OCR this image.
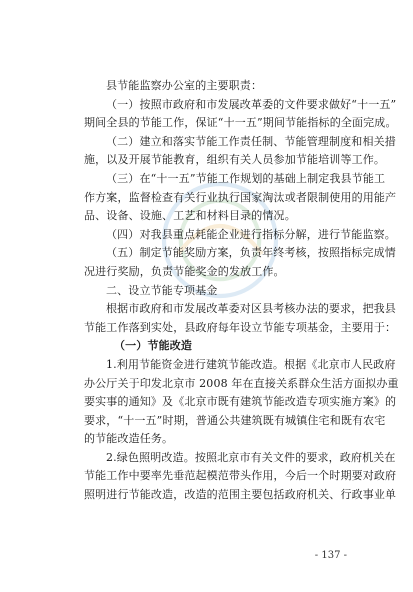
县节能监察办公室的主要职责：
（一）按照市政府和市发展改革委的文件要求做好“十一五”
期间全县的节能工作，保证“十一五”期间节能指标的全面完成。
（二）建立和落实节能工作责任制、节能管理制度和相关措
施，以及开展节能教育，组织有关人员参加节能培训等工作。
（三）在“十一五”节能工作规划的基础上制定我县节能工
作方案，监督检查有关行业执行国家淘汰或者限制使用的用能产
品、设备、设施、工艺和材料目录的情况。
（四）对我县重点耗能企业进行指标分解，进行节能监察。
（五）制定节能奖励方案，负责年终考核，按照指标完成情
况进行奖励，负责节能奖金的发放工作。
二、设立节能专项基金
根据市政府和市发展改革委对区县考核办法的要求，把我县
节能工作落到实处，县政府每年设立节能专项基金，主要用于：
（一）节能改造
1.利用节能资金进行建筑节能改造。根据《北京市人民政府
办公厅关于印发北京市 2008 年在直接关系群众生活方面拟办重
要实事的通知》及《北京市既有建筑节能改造专项实施方案》的
要求，“十一五”时期，普通公共建筑既有城镇住宅和既有农宅
的节能改造任务。
2.绿色照明改造。按照北京市有关文件的要求，政府机关在
节能工作中要率先垂范起模范带头作用，今后一个时期要对政府
照明进行节能改造，改造的范围主要包括政府机关、行政事业单
- 137 -
